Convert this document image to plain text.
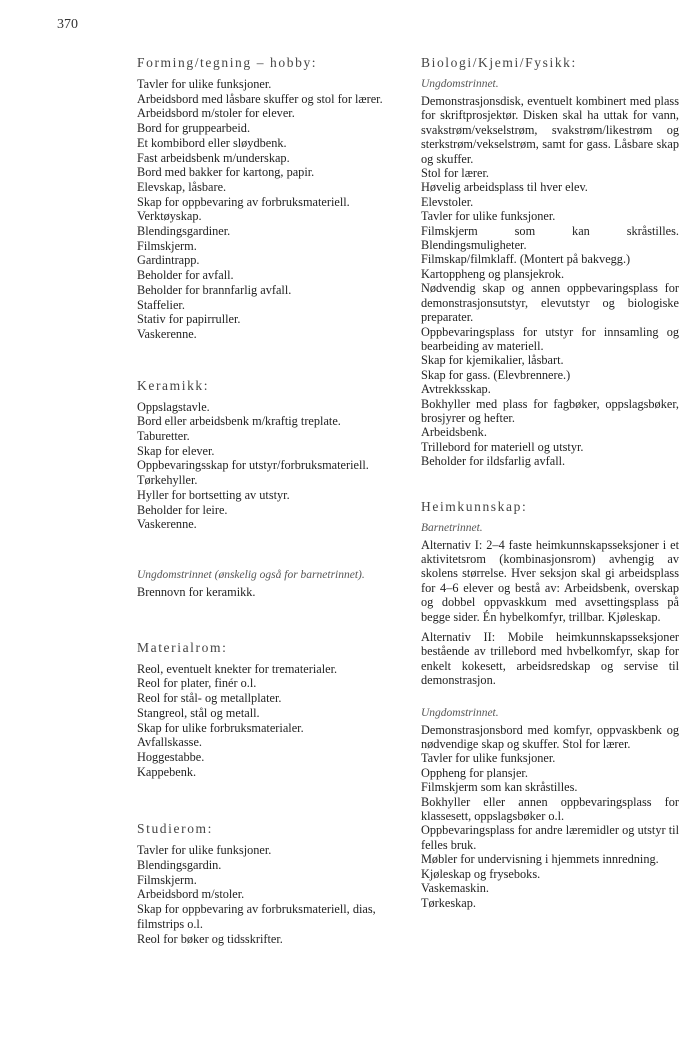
370

Forming/tegning – hobby:

Tavler for ulike funksjoner.

Arbeidsbord med låsbare skuffer og stol for lærer.

Arbeidsbord m/stoler for elever.

Bord for gruppearbeid.

Et kombibord eller sløydbenk.

Fast arbeidsbenk m/underskap.

Bord med bakker for kartong, papir.

Elevskap, låsbare.

Skap for oppbevaring av forbruksmateriell.

Verktøyskap.

Blendingsgardiner.

Filmskjerm.

Gardintrapp.

Beholder for avfall.

Beholder for brannfarlig avfall.

Staffelier.

Stativ for papirruller.

Vaskerenne.

Keramikk:

Oppslagstavle.

Bord eller arbeidsbenk m/kraftig treplate.

Taburetter.

Skap for elever.

Oppbevaringsskap for utstyr/forbruksmateriell.

Tørkehyller.

Hyller for bortsetting av utstyr.

Beholder for leire.

Vaskerenne.

Ungdomstrinnet (ønskelig også for barnetrinnet).

Brennovn for keramikk.

Materialrom:

Reol, eventuelt knekter for trematerialer.

Reol for plater, finér o.l.

Reol for stål- og metallplater.

Stangreol, stål og metall.

Skap for ulike forbruksmaterialer.

Avfallskasse.

Hoggestabbe.

Kappebenk.

Studierom:

Tavler for ulike funksjoner.

Blendingsgardin.

Filmskjerm.

Arbeidsbord m/stoler.

Skap for oppbevaring av forbruksmateriell, dias, filmstrips o.l.

Reol for bøker og tidsskrifter.

Biologi/Kjemi/Fysikk:

Ungdomstrinnet.

Demonstrasjonsdisk, eventuelt kombinert med plass for skriftprosjektør. Disken skal ha uttak for vann, svakstrøm/vekselstrøm, svakstrøm/likestrøm og sterkstrøm/vekselstrøm, samt for gass. Låsbare skap og skuffer.

Stol for lærer.

Høvelig arbeidsplass til hver elev.

Elevstoler.

Tavler for ulike funksjoner.

Filmskjerm som kan skråstilles. Blendingsmuligheter.

Filmskap/filmklaff. (Montert på bakvegg.)

Kartoppheng og plansjekrok.

Nødvendig skap og annen oppbevaringsplass for demonstrasjonsutstyr, elevutstyr og biologiske preparater.

Oppbevaringsplass for utstyr for innsamling og bearbeiding av materiell.

Skap for kjemikalier, låsbart.

Skap for gass. (Elevbrennere.)

Avtrekksskap.

Bokhyller med plass for fagbøker, oppslagsbøker, brosjyrer og hefter.

Arbeidsbenk.

Trillebord for materiell og utstyr.

Beholder for ildsfarlig avfall.

Heimkunnskap:

Barnetrinnet.

Alternativ I: 2–4 faste heimkunnskapsseksjoner i et aktivitetsrom (kombinasjonsrom) avhengig av skolens størrelse. Hver seksjon skal gi arbeidsplass for 4–6 elever og bestå av: Arbeidsbenk, overskap og dobbel oppvaskkum med avsettingsplass på begge sider. Én hybelkomfyr, trillbar. Kjøleskap.

Alternativ II: Mobile heimkunnskapsseksjoner bestående av trillebord med hvbelkomfyr, skap for enkelt kokesett, arbeidsredskap og servise til demonstrasjon.

Ungdomstrinnet.

Demonstrasjonsbord med komfyr, oppvaskbenk og nødvendige skap og skuffer. Stol for lærer.

Tavler for ulike funksjoner.

Oppheng for plansjer.

Filmskjerm som kan skråstilles.

Bokhyller eller annen oppbevaringsplass for klassesett, oppslagsbøker o.l.

Oppbevaringsplass for andre læremidler og utstyr til felles bruk.

Møbler for undervisning i hjemmets innredning.

Kjøleskap og fryseboks.

Vaskemaskin.

Tørkeskap.
